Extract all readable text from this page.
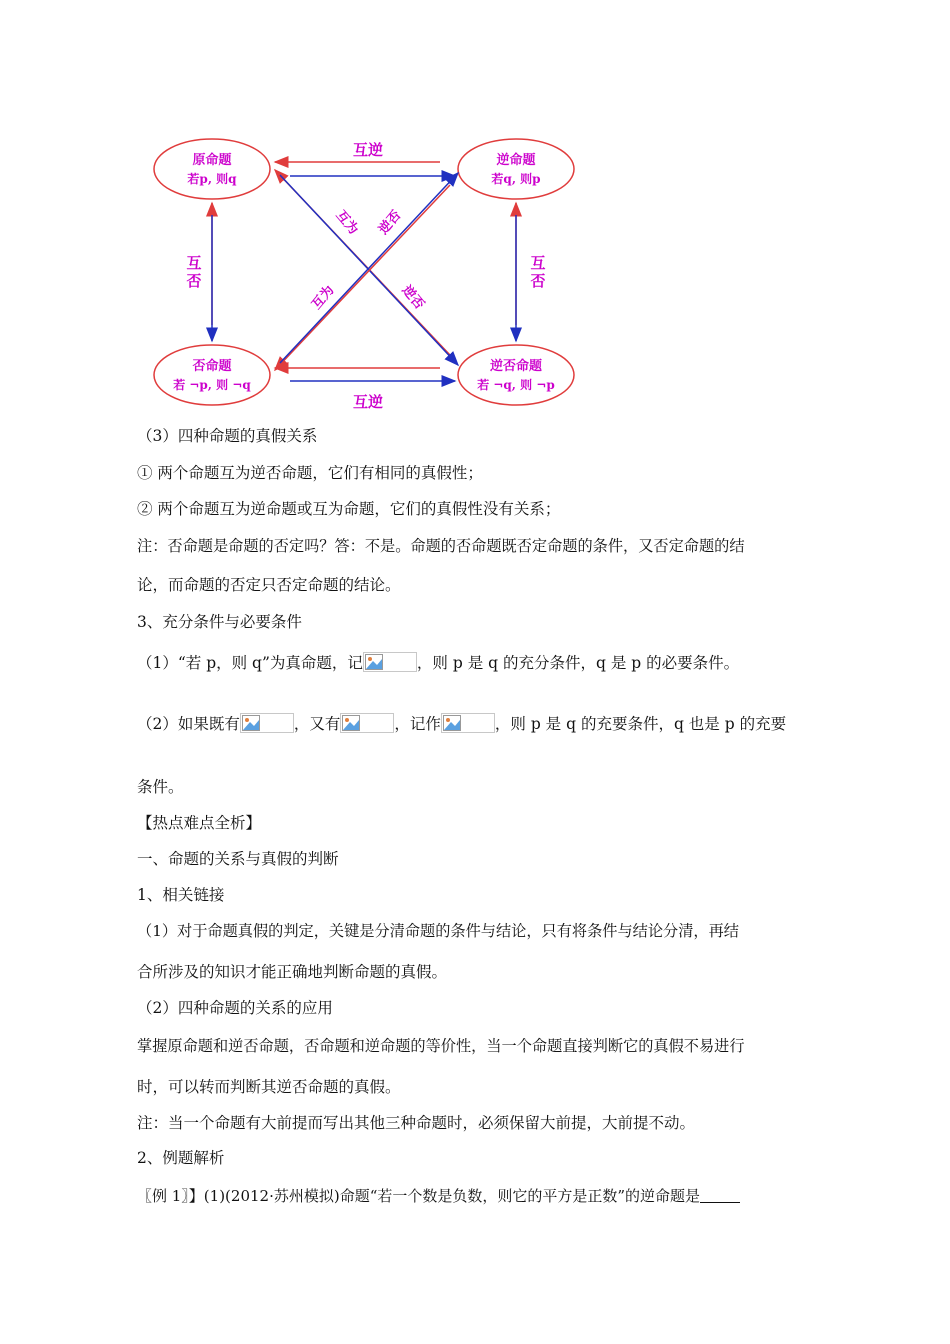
原命题
若p, 则q
逆命题
若q, 则p
否命题
若 ¬p, 则 ¬q
逆否命题
若 ¬q, 则 ¬p
互逆
互逆
互
否
互
否
互为
逆否
互为
逆否
（3）四种命题的真假关系
① 两个命题互为逆否命题，它们有相同的真假性；
② 两个命题互为逆命题或互为命题，它们的真假性没有关系；
注：否命题是命题的否定吗？答：不是。命题的否命题既否定命题的条件，又否定命题的结
论，而命题的否定只否定命题的结论。
3、充分条件与必要条件
（1）“若 p，则 q”为真命题，记	，则 p 是 q 的充分条件，q 是 p 的必要条件。
（2）如果既有	，又有	，记作	，则 p 是 q 的充要条件，q 也是 p 的充要
条件。
【热点难点全析】
一、命题的关系与真假的判断
1、相关链接
（1）对于命题真假的判定，关键是分清命题的条件与结论，只有将条件与结论分清，再结
合所涉及的知识才能正确地判断命题的真假。
（2）四种命题的关系的应用
掌握原命题和逆否命题，否命题和逆命题的等价性，当一个命题直接判断它的真假不易进行
时，可以转而判断其逆否命题的真假。
注：当一个命题有大前提而写出其他三种命题时，必须保留大前提，大前提不动。
2、例题解析
〖例 1〗】(1)(2012·苏州模拟)命题“若一个数是负数，则它的平方是正数”的逆命题是
